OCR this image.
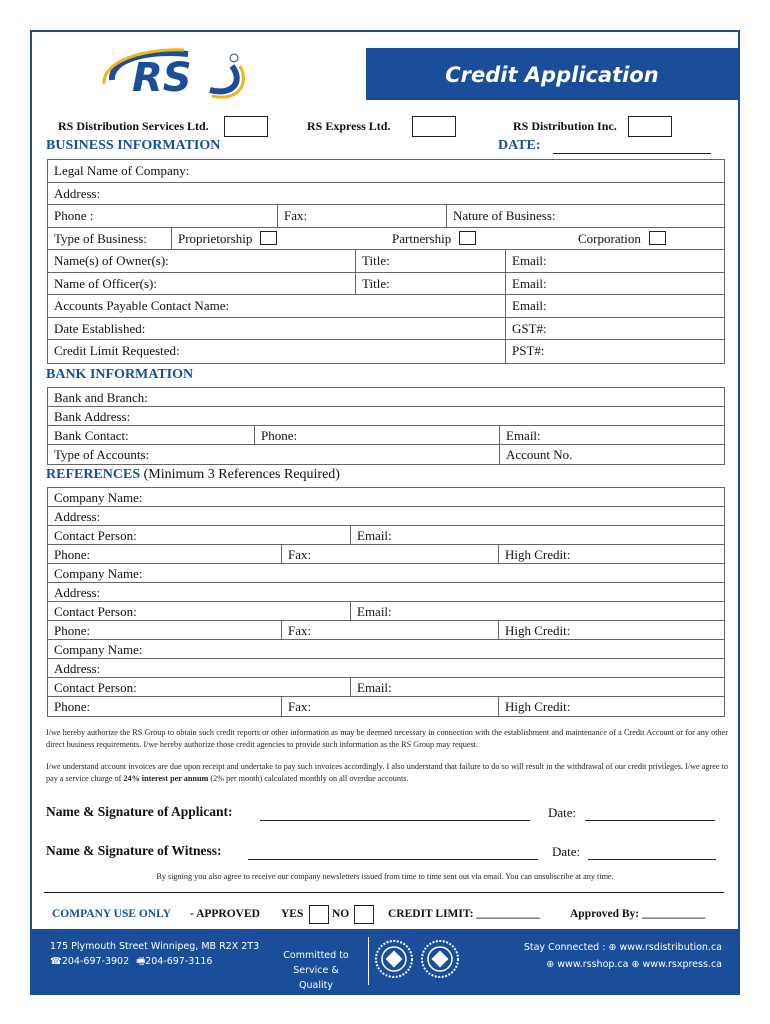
RS	Credit Application
RS Distribution Services Ltd.	RS Express Ltd.	RS Distribution Inc.
BUSINESS INFORMATION	DATE:
Legal Name of Company:
Address:
Phone :	Fax:	Nature of Business:
Type of Business:	Proprietorship	Partnership	Corporation
Name(s) of Owner(s):	Title:	Email:
Name of Officer(s):	Title:	Email:
Accounts Payable Contact Name:	Email:
Date Established:	GST#:
Credit Limit Requested:	PST#:
BANK INFORMATION
Bank and Branch:
Bank Address:
Bank Contact:	Phone:	Email:
Type of Accounts:	Account No.
REFERENCES (Minimum 3 References Required)
Company Name:
Address:
Contact Person:	Email:
Phone:	Fax:	High Credit:
Company Name:
Address:
Contact Person:	Email:
Phone:	Fax:	High Credit:
Company Name:
Address:
Contact Person:	Email:
Phone:	Fax:	High Credit:

I/we hereby authorize the RS Group to obtain such credit reports or other information as may be deemed necessary in connection with the establishment and maintenance of a Credit Account or for any other direct business requirements. I/we hereby authorize those credit agencies to provide such information as the RS Group may request.

I/we understand account invoices are due upon receipt and undertake to pay such invoices accordingly. I also understand that failure to do so will result in the withdrawal of our credit privileges. I/we agree to pay a service charge of 24% interest per annum (2% per month) calculated monthly on all overdue accounts.

Name & Signature of Applicant:	Date:
Name & Signature of Witness:	Date:
By signing you also agree to receive our company newsletters issued from time to time sent out via email. You can unsubscribe at any time.
COMPANY USE ONLY - APPROVED YES NO	CREDIT LIMIT: ___________	Approved By: ___________
175 Plymouth Street Winnipeg, MB R2X 2T3
☎204-697-3902 🖷204-697-3116
Committed to
Service & Quality
Stay Connected : ⊕ www.rsdistribution.ca
⊕ www.rsshop.ca ⊕ www.rsxpress.ca
